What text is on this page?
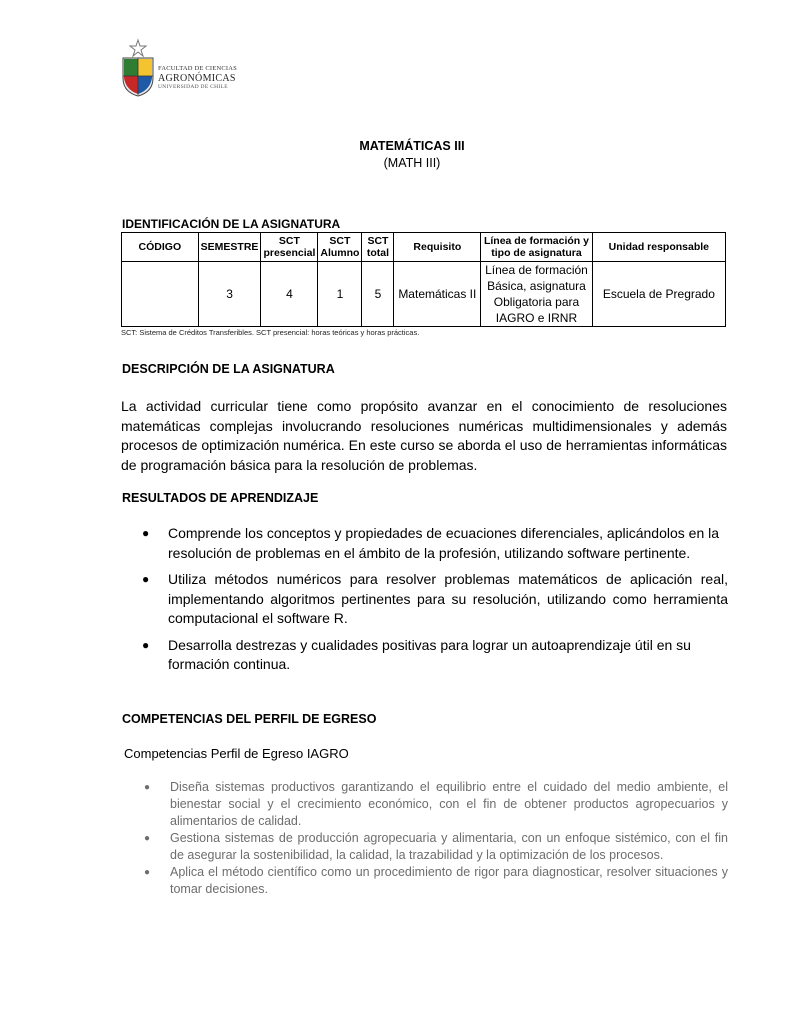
FACULTAD DE CIENCIAS
AGRONÓMICAS
UNIVERSIDAD DE CHILE
MATEMÁTICAS III
(MATH III)
IDENTIFICACIÓN DE LA ASIGNATURA
CÓDIGO	SEMESTRE	SCT presencial	SCT Alumno	SCT total	Requisito	Línea de formación y tipo de asignatura	Unidad responsable
	3	4	1	5	Matemáticas II	Línea de formación Básica, asignatura Obligatoria para IAGRO e IRNR	Escuela de Pregrado
SCT: Sistema de Créditos Transferibles. SCT presencial: horas teóricas y horas prácticas.
DESCRIPCIÓN DE LA ASIGNATURA
La actividad curricular tiene como propósito avanzar en el conocimiento de resoluciones matemáticas complejas involucrando resoluciones numéricas multidimensionales y además procesos de optimización numérica. En este curso se aborda el uso de herramientas informáticas de programación básica para la resolución de problemas.
RESULTADOS DE APRENDIZAJE
● Comprende los conceptos y propiedades de ecuaciones diferenciales, aplicándolos en la resolución de problemas en el ámbito de la profesión, utilizando software pertinente.
● Utiliza métodos numéricos para resolver problemas matemáticos de aplicación real, implementando algoritmos pertinentes para su resolución, utilizando como herramienta computacional el software R.
● Desarrolla destrezas y cualidades positivas para lograr un autoaprendizaje útil en su formación continua.
COMPETENCIAS DEL PERFIL DE EGRESO
Competencias Perfil de Egreso IAGRO
● Diseña sistemas productivos garantizando el equilibrio entre el cuidado del medio ambiente, el bienestar social y el crecimiento económico, con el fin de obtener productos agropecuarios y alimentarios de calidad.
● Gestiona sistemas de producción agropecuaria y alimentaria, con un enfoque sistémico, con el fin de asegurar la sostenibilidad, la calidad, la trazabilidad y la optimización de los procesos.
● Aplica el método científico como un procedimiento de rigor para diagnosticar, resolver situaciones y tomar decisiones.
